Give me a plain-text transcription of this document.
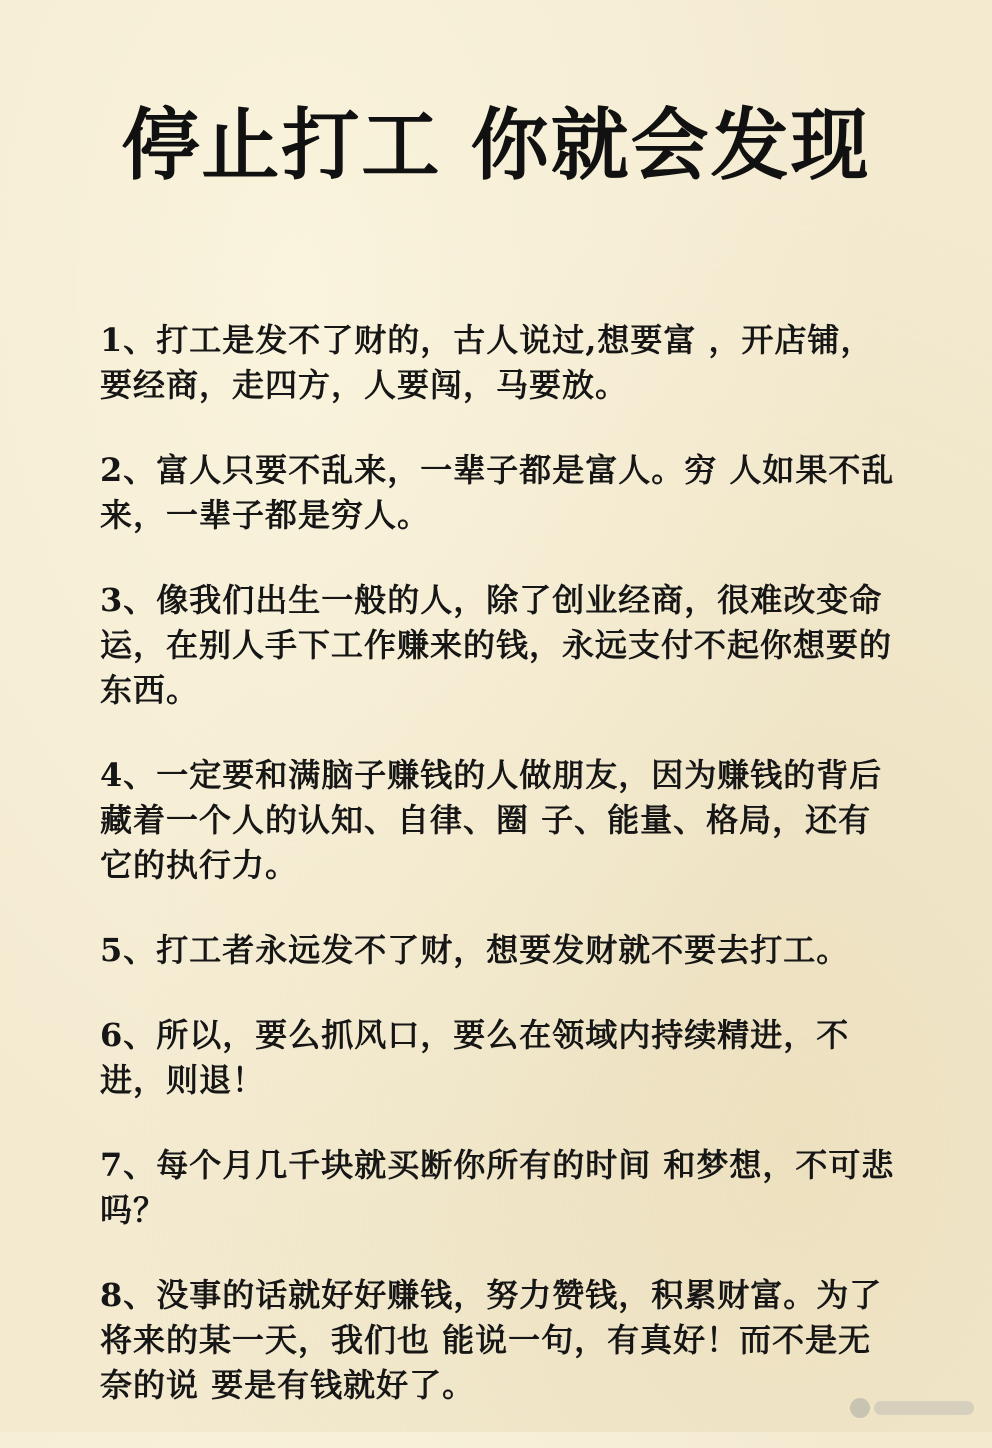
停止打工 你就会发现

1、打工是发不了财的，古人说过,想要富 ，开店铺，要经商，走四方，人要闯，马要放。

2、富人只要不乱来，一辈子都是富人。穷 人如果不乱来，一辈子都是穷人。

3、像我们出生一般的人，除了创业经商，很难改变命运，在别人手下工作赚来的钱，永远支付不起你想要的东西。

4、一定要和满脑子赚钱的人做朋友，因为赚钱的背后藏着一个人的认知、自律、圈 子、能量、格局，还有它的执行力。

5、打工者永远发不了财，想要发财就不要去打工。

6、所以，要么抓风口，要么在领域内持续精进，不进，则退！

7、每个月几千块就买断你所有的时间 和梦想，不可悲吗？

8、没事的话就好好赚钱，努力赞钱，积累财富。为了将来的某一天，我们也 能说一句，有真好！而不是无奈的说 要是有钱就好了。
